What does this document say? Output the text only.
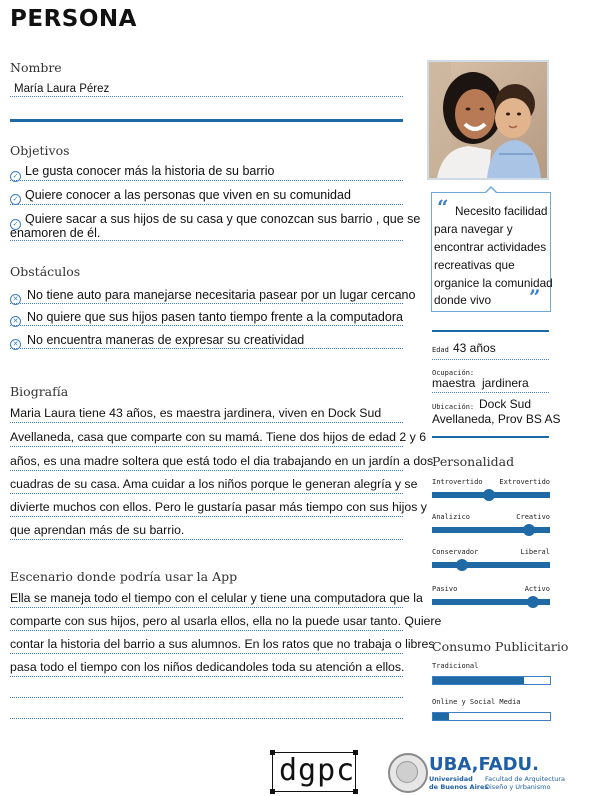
PERSONA
Nombre
María Laura Pérez
Objetivos
✓ Le gusta conocer más la historia de su barrio
✓ Quiere conocer a las personas que viven en su comunidad
✓ Quiere sacar a sus hijos de su casa y que conozcan sus barrio , que se
enamoren de él.
Obstáculos
✕ No tiene auto para manejarse necesitaria pasear por un lugar cercano
✕ No quiere que sus hijos pasen tanto tiempo frente a la computadora
✕ No encuentra maneras de expresar su creatividad
Biografía
Maria Laura tiene 43 años, es maestra jardinera, viven en Dock Sud
Avellaneda, casa que comparte con su mamá. Tiene dos hijos de edad 2 y 6
años, es una madre soltera que está todo el dia trabajando en un jardín a dos
cuadras de su casa. Ama cuidar a los niños porque le generan alegría y se
divierte muchos con ellos. Pero le gustaría pasar más tiempo con sus hijos y
que aprendan más de su barrio.
Escenario donde podría usar la App
Ella se maneja todo el tiempo con el celular y tiene una computadora que la
comparte con sus hijos, pero al usarla ellos, ella no la puede usar tanto. Quiere
contar la historia del barrio a sus alumnos. En los ratos que no trabaja o libres
pasa todo el tiempo con los niños dedicandoles toda su atención a ellos.
“ Necesito facilidad
para navegar y
encontrar actividades
recreativas que
organice la comunidad
donde vivo ”
Edad 43 años
Ocupación:
maestra  jardinera
Ubicación: Dock Sud
Avellaneda, Prov BS AS
Personalidad
Introvertido Extrovertido
Analizico	Creativo
Conservador	Liberal
Pasivo	Activo
Consumo Publicitario
Tradicional
Online y Social Media
dgpc	UBA,FADU.
Universidad
de Buenos Aires
Facultad de Arquitectura
Diseño y Urbanismo
